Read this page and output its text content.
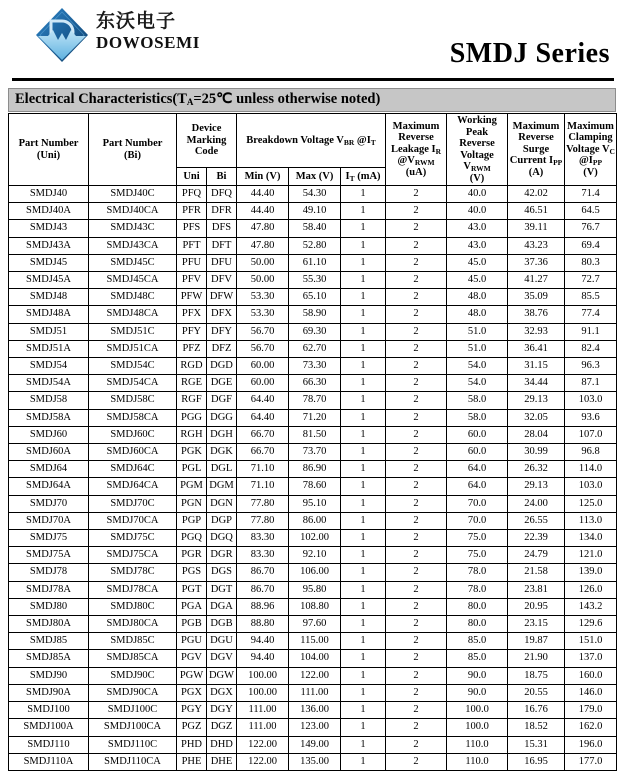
东沃电子
DOWOSEMI	SMDJ Series
Electrical $Characteristics(T_A=25℃$ unless otherwise noted)
Part Number
(Uni)

Part Number
(Bi)

Device
Marking
Code
	Breakdown Voltage $V_{BR}$ $@I_T$	
Maximum
Reverse
Leakage $I_R$
$@V_{RWM}$
(uA)

Working
Peak Reverse
Voltage
$V_{RWM}$
(V)

Maximum
Reverse
Surge
Current $I_{PP}$
(A)

Maximum
Clamping
Voltage $V_C$
$@I_{PP}$
(V)

		Uni	Bi	Min (V)	Max (V)	$I_T$ (mA)				
SMDJ40	SMDJ40C	PFQ	DFQ	44.40	54.30	1	2	40.0	42.02	71.4
SMDJ40A	SMDJ40CA	PFR	DFR	44.40	49.10	1	2	40.0	46.51	64.5
SMDJ43	SMDJ43C	PFS	DFS	47.80	58.40	1	2	43.0	39.11	76.7
SMDJ43A	SMDJ43CA	PFT	DFT	47.80	52.80	1	2	43.0	43.23	69.4
SMDJ45	SMDJ45C	PFU	DFU	50.00	61.10	1	2	45.0	37.36	80.3
SMDJ45A	SMDJ45CA	PFV	DFV	50.00	55.30	1	2	45.0	41.27	72.7
SMDJ48	SMDJ48C	PFW	DFW	53.30	65.10	1	2	48.0	35.09	85.5
SMDJ48A	SMDJ48CA	PFX	DFX	53.30	58.90	1	2	48.0	38.76	77.4
SMDJ51	SMDJ51C	PFY	DFY	56.70	69.30	1	2	51.0	32.93	91.1
SMDJ51A	SMDJ51CA	PFZ	DFZ	56.70	62.70	1	2	51.0	36.41	82.4
SMDJ54	SMDJ54C	RGD	DGD	60.00	73.30	1	2	54.0	31.15	96.3
SMDJ54A	SMDJ54CA	RGE	DGE	60.00	66.30	1	2	54.0	34.44	87.1
SMDJ58	SMDJ58C	RGF	DGF	64.40	78.70	1	2	58.0	29.13	103.0
SMDJ58A	SMDJ58CA	PGG	DGG	64.40	71.20	1	2	58.0	32.05	93.6
SMDJ60	SMDJ60C	RGH	DGH	66.70	81.50	1	2	60.0	28.04	107.0
SMDJ60A	SMDJ60CA	PGK	DGK	66.70	73.70	1	2	60.0	30.99	96.8
SMDJ64	SMDJ64C	PGL	DGL	71.10	86.90	1	2	64.0	26.32	114.0
SMDJ64A	SMDJ64CA	PGM	DGM	71.10	78.60	1	2	64.0	29.13	103.0
SMDJ70	SMDJ70C	PGN	DGN	77.80	95.10	1	2	70.0	24.00	125.0
SMDJ70A	SMDJ70CA	PGP	DGP	77.80	86.00	1	2	70.0	26.55	113.0
SMDJ75	SMDJ75C	PGQ	DGQ	83.30	102.00	1	2	75.0	22.39	134.0
SMDJ75A	SMDJ75CA	PGR	DGR	83.30	92.10	1	2	75.0	24.79	121.0
SMDJ78	SMDJ78C	PGS	DGS	86.70	106.00	1	2	78.0	21.58	139.0
SMDJ78A	SMDJ78CA	PGT	DGT	86.70	95.80	1	2	78.0	23.81	126.0
SMDJ80	SMDJ80C	PGA	DGA	88.96	108.80	1	2	80.0	20.95	143.2
SMDJ80A	SMDJ80CA	PGB	DGB	88.80	97.60	1	2	80.0	23.15	129.6
SMDJ85	SMDJ85C	PGU	DGU	94.40	115.00	1	2	85.0	19.87	151.0
SMDJ85A	SMDJ85CA	PGV	DGV	94.40	104.00	1	2	85.0	21.90	137.0
SMDJ90	SMDJ90C	PGW	DGW	100.00	122.00	1	2	90.0	18.75	160.0
SMDJ90A	SMDJ90CA	PGX	DGX	100.00	111.00	1	2	90.0	20.55	146.0
SMDJ100	SMDJ100C	PGY	DGY	111.00	136.00	1	2	100.0	16.76	179.0
SMDJ100A	SMDJ100CA	PGZ	DGZ	111.00	123.00	1	2	100.0	18.52	162.0
SMDJ110	SMDJ110C	PHD	DHD	122.00	149.00	1	2	110.0	15.31	196.0
SMDJ110A	SMDJ110CA	PHE	DHE	122.00	135.00	1	2	110.0	16.95	177.0
